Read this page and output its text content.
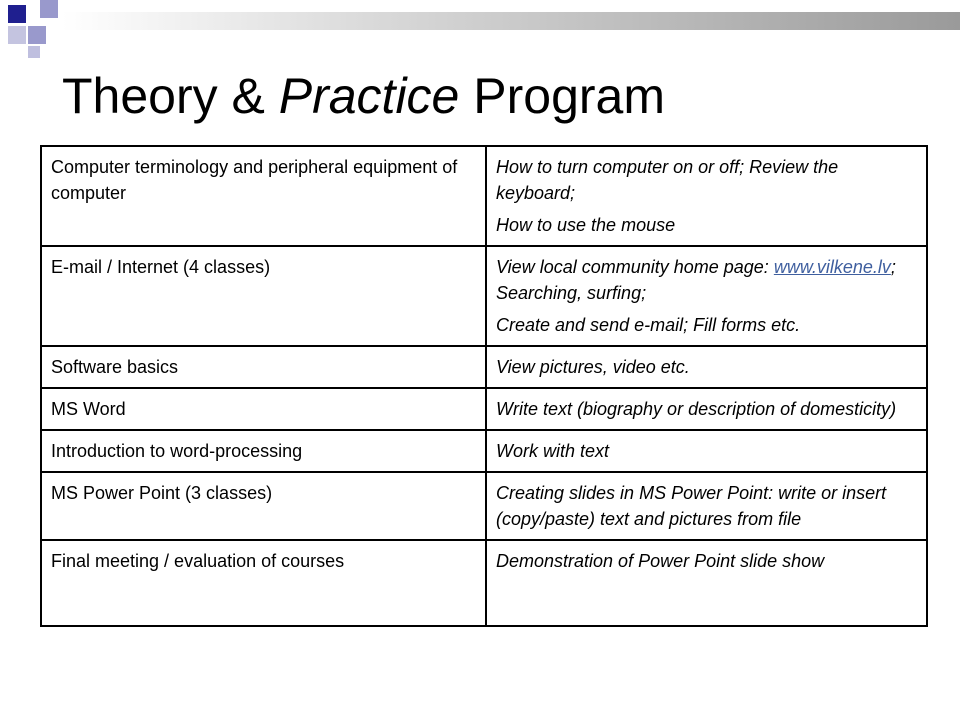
Theory & Practice Program
Computer terminology and peripheral equipment of computer	How to turn computer on or off; Review the keyboard;

How to use the mouse

E-mail / Internet (4 classes)	View local community home page: www.vilkene.lv; Searching, surfing;

Create and send e-mail; Fill forms etc.

Software basics	View pictures, video etc.

MS Word	Write text (biography or description of domesticity)

Introduction to word-processing	Work with text

MS Power Point (3 classes)	Creating slides in MS Power Point: write or insert (copy/paste) text and pictures from file

Final meeting / evaluation of courses	Demonstration of Power Point slide show
